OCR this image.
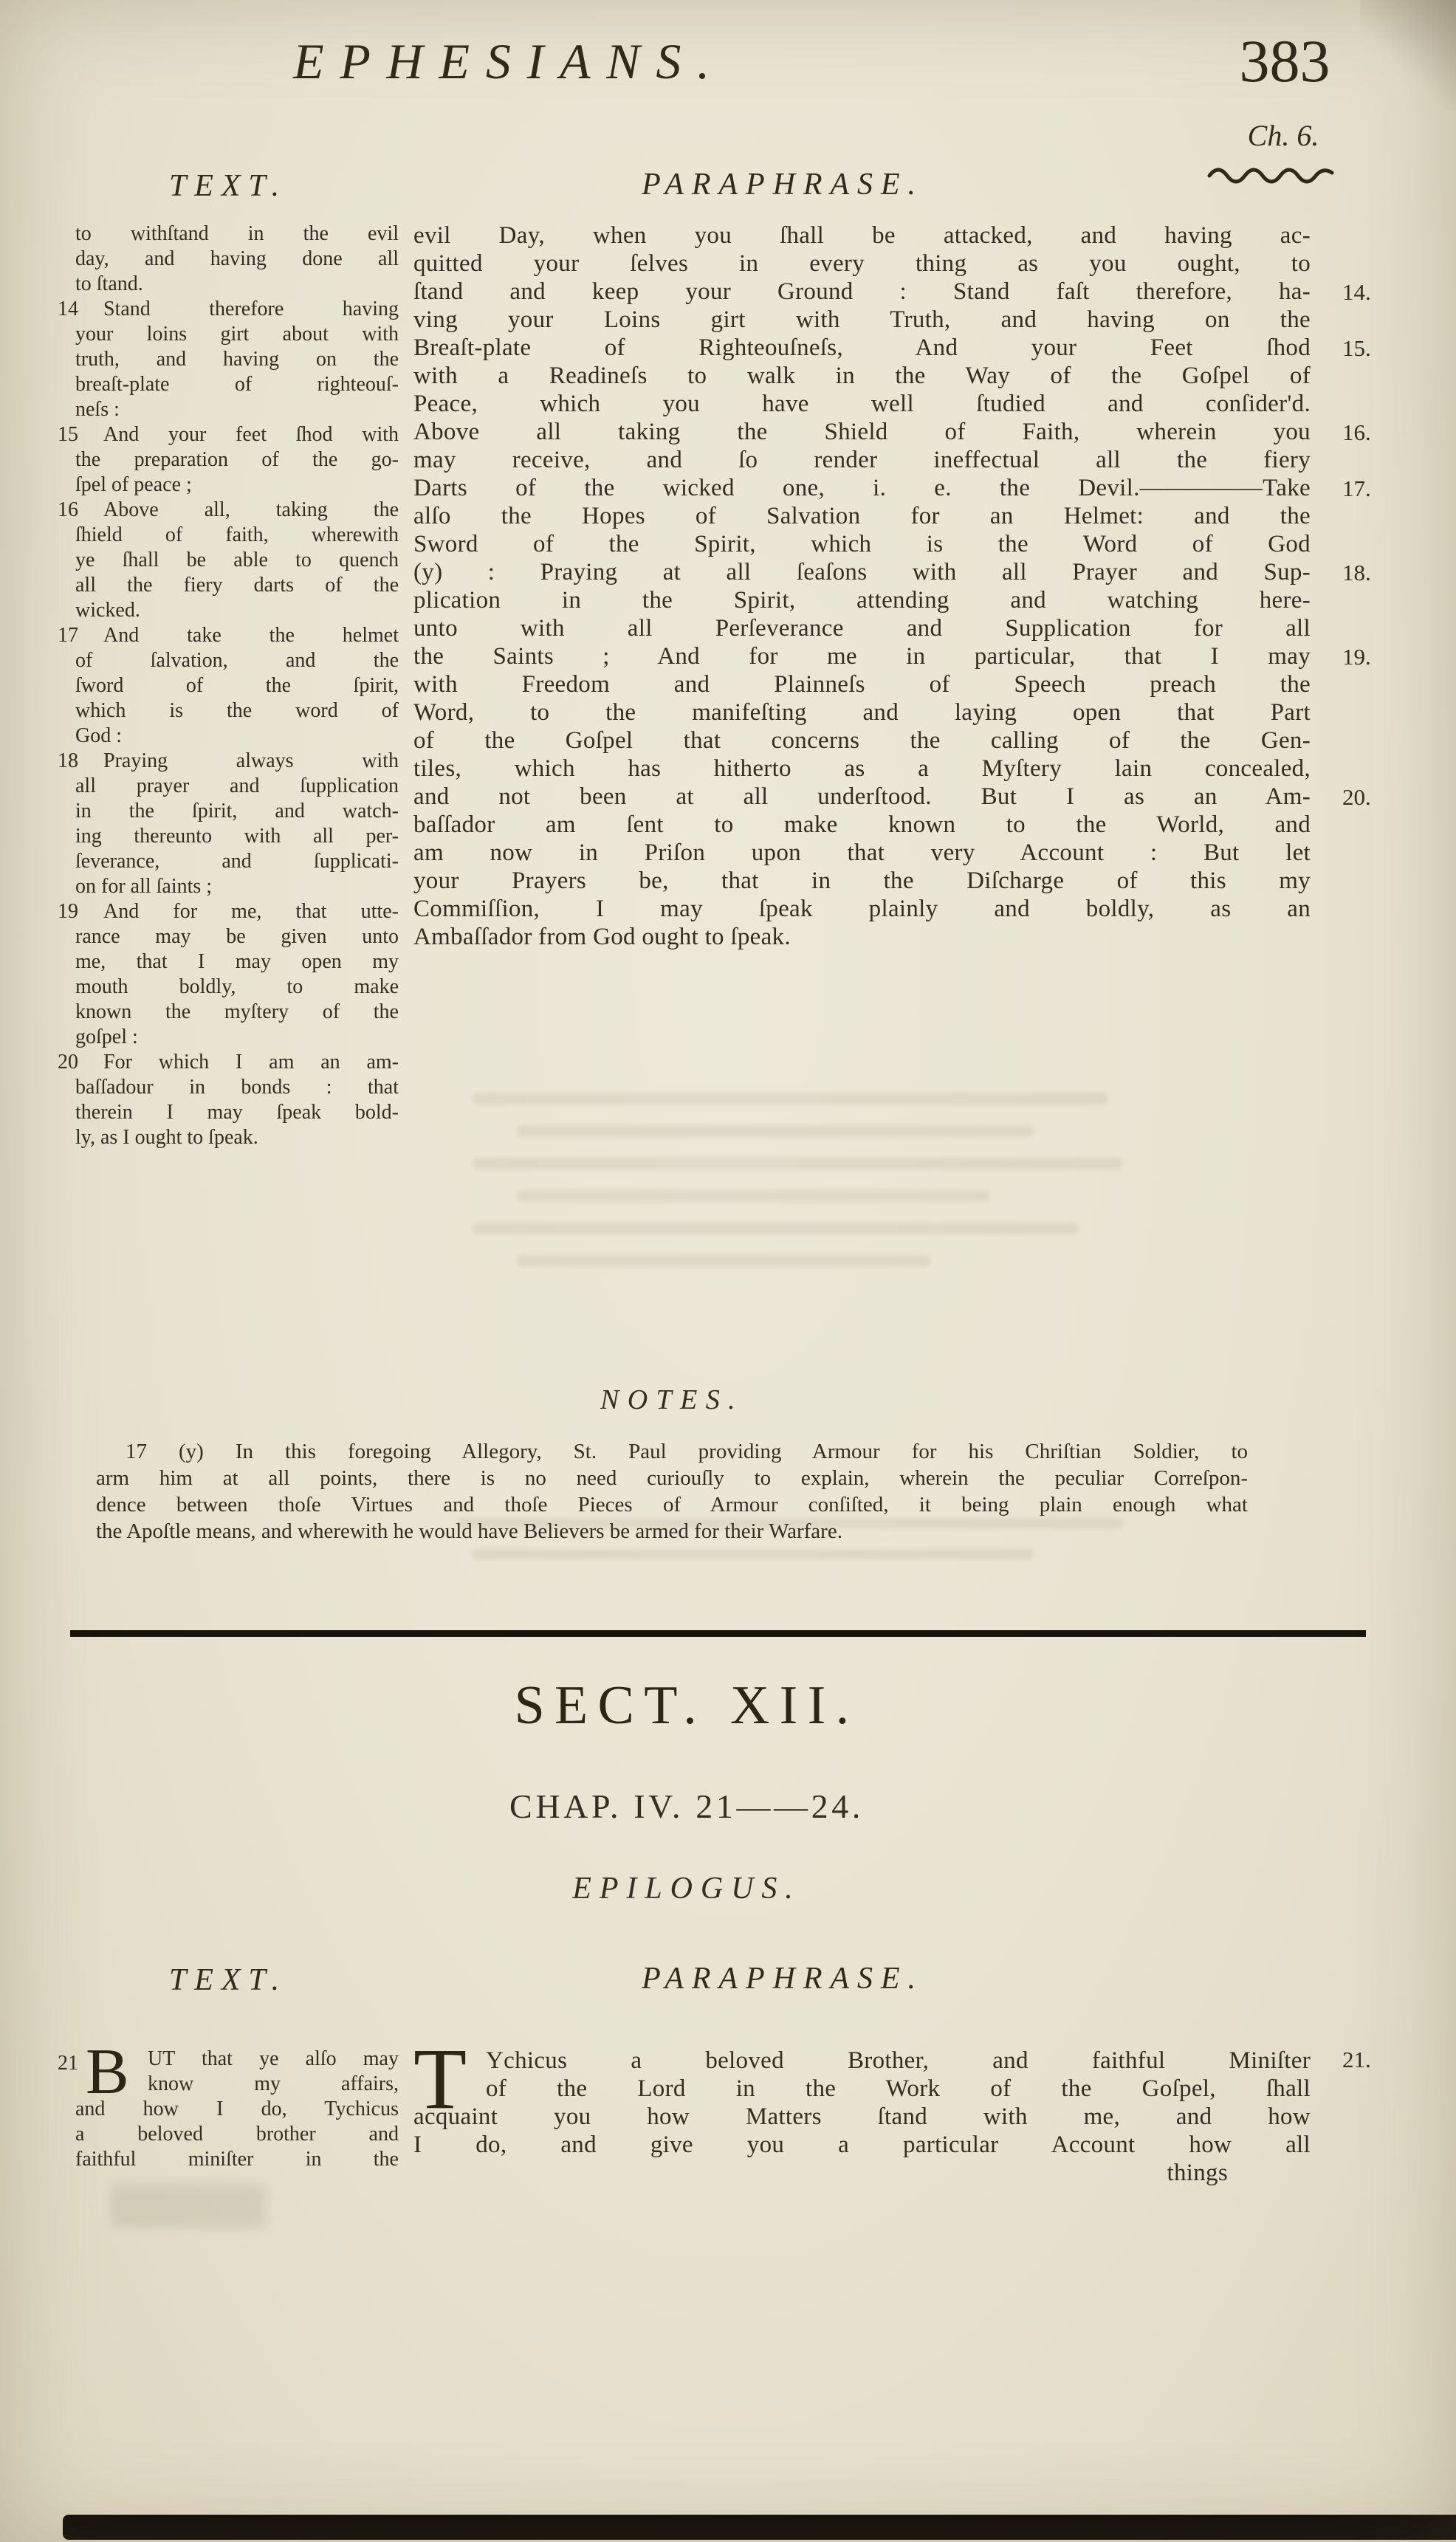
EPHESIANS.	383
Ch. 6.
TEXT.	PARAPHRASE.
to withſtand in the evil
day, and having done all
to ſtand.
14 Stand therefore having
your loins girt about with
truth, and having on the
breaſt-plate of righteouſ-
neſs :
15 And your feet ſhod with
the preparation of the go-
ſpel of peace ;
16 Above all, taking the
ſhield of faith, wherewith
ye ſhall be able to quench
all the fiery darts of the
wicked.
17 And take the helmet
of ſalvation, and the
ſword of the ſpirit,
which is the word of
God :
18 Praying always with
all prayer and ſupplication
in the ſpirit, and watch-
ing thereunto with all per-
ſeverance, and ſupplicati-
on for all ſaints ;
19 And for me, that utte-
rance may be given unto
me, that I may open my
mouth boldly, to make
known the myſtery of the
goſpel :
20 For which I am an am-
baſſadour in bonds : that
therein I may ſpeak bold-
ly, as I ought to ſpeak.
evil Day, when you ſhall be attacked, and having ac-
quitted your ſelves in every thing as you ought, to
ſtand and keep your Ground : Stand faſt therefore, ha-
ving your Loins girt with Truth, and having on the
Breaſt-plate of Righteouſneſs, And your Feet ſhod
with a Readineſs to walk in the Way of the Goſpel of
Peace, which you have well ſtudied and conſider'd.
Above all taking the Shield of Faith, wherein you
may receive, and ſo render ineffectual all the fiery
Darts of the wicked one, i. e. the Devil.—————Take
alſo the Hopes of Salvation for an Helmet: and the
Sword of the Spirit, which is the Word of God
(y) : Praying at all ſeaſons with all Prayer and Sup-
plication in the Spirit, attending and watching here-
unto with all Perſeverance and Supplication for all
the Saints ; And for me in particular, that I may
with Freedom and Plainneſs of Speech preach the
Word, to the manifeſting and laying open that Part
of the Goſpel that concerns the calling of the Gen-
tiles, which has hitherto as a Myſtery lain concealed,
and not been at all underſtood. But I as an Am-
baſſador am ſent to make known to the World, and
am now in Priſon upon that very Account : But let
your Prayers be, that in the Diſcharge of this my
Commiſſion, I may ſpeak plainly and boldly, as an
Ambaſſador from God ought to ſpeak.
14.
15.
16.
17.
18.
19.
20.
NOTES.
17 (y) In this foregoing Allegory, St. Paul providing Armour for his Chriſtian Soldier, to
arm him at all points, there is no need curiouſly to explain, wherein the peculiar Correſpon-
dence between thoſe Virtues and thoſe Pieces of Armour conſiſted, it being plain enough what
the Apoſtle means, and wherewith he would have Believers be armed for their Warfare.
SECT. XII.
CHAP. IV. 21——24.
EPILOGUS.
TEXT.	PARAPHRASE.
21 B UT that ye alſo may
know my affairs,
and how I do, Tychicus
a beloved brother and
faithful miniſter in the
T Ychicus a beloved Brother, and faithful Miniſter
of the Lord in the Work of the Goſpel, ſhall
acquaint you how Matters ſtand with me, and how
I do, and give you a particular Account how all
things
21.
